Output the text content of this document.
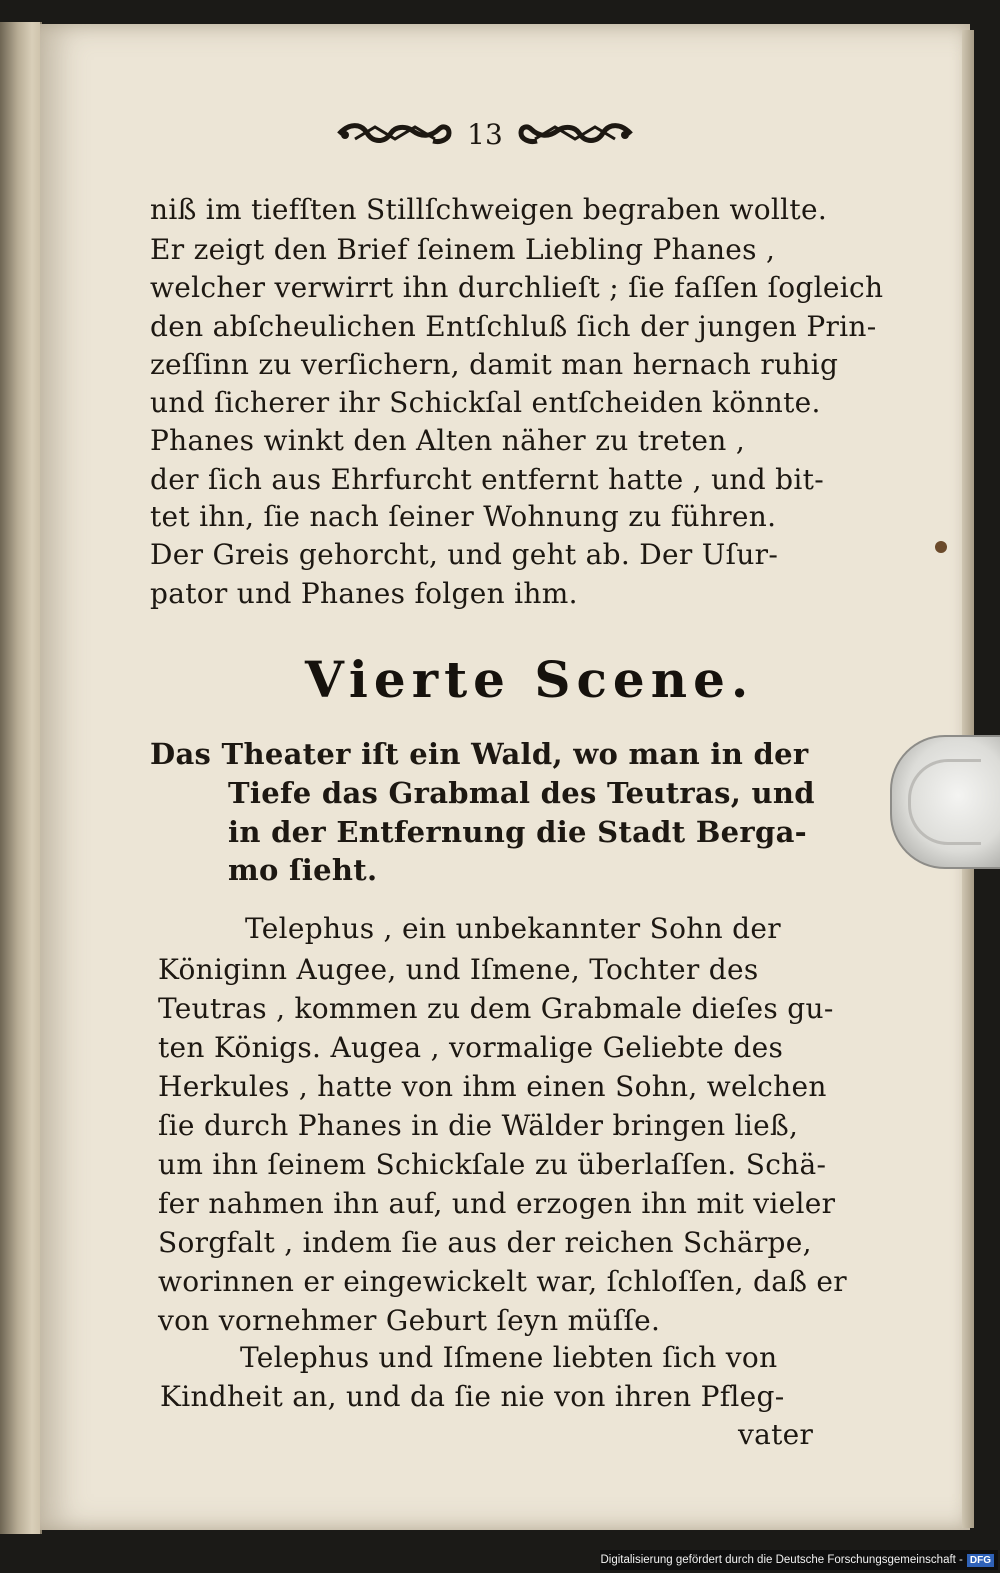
13
niß im tiefſten Stillſchweigen begraben wollte.
Er zeigt den Brief ſeinem Liebling Phanes ,
welcher verwirrt ihn durchlieſt ; ſie faſſen ſogleich
den abſcheulichen Entſchluß ſich der jungen Prin-
zeſſinn zu verſichern, damit man hernach ruhig
und ſicherer ihr Schickſal entſcheiden könnte.
Phanes winkt den Alten näher zu treten ,
der ſich aus Ehrfurcht entfernt hatte , und bit-
tet ihn, ſie nach ſeiner Wohnung zu führen.
Der Greis gehorcht, und geht ab. Der Uſur-
pator und Phanes folgen ihm.
Vierte Scene.
Das Theater iſt ein Wald, wo man in der
Tiefe das Grabmal des Teutras, und
in der Entfernung die Stadt Berga-
mo ſieht.
Telephus , ein unbekannter Sohn der
Königinn Augee, und Iſmene, Tochter des
Teutras , kommen zu dem Grabmale dieſes gu-
ten Königs. Augea , vormalige Geliebte des
Herkules , hatte von ihm einen Sohn, welchen
ſie durch Phanes in die Wälder bringen ließ,
um ihn ſeinem Schickſale zu überlaſſen. Schä-
fer nahmen ihn auf, und erzogen ihn mit vieler
Sorgfalt , indem ſie aus der reichen Schärpe,
worinnen er eingewickelt war, ſchloſſen, daß er
von vornehmer Geburt ſeyn müſſe.
Telephus und Iſmene liebten ſich von
Kindheit an, und da ſie nie von ihren Pfleg-
vater
Digitalisierung gefördert durch die Deutsche Forschungsgemeinschaft - DFG
